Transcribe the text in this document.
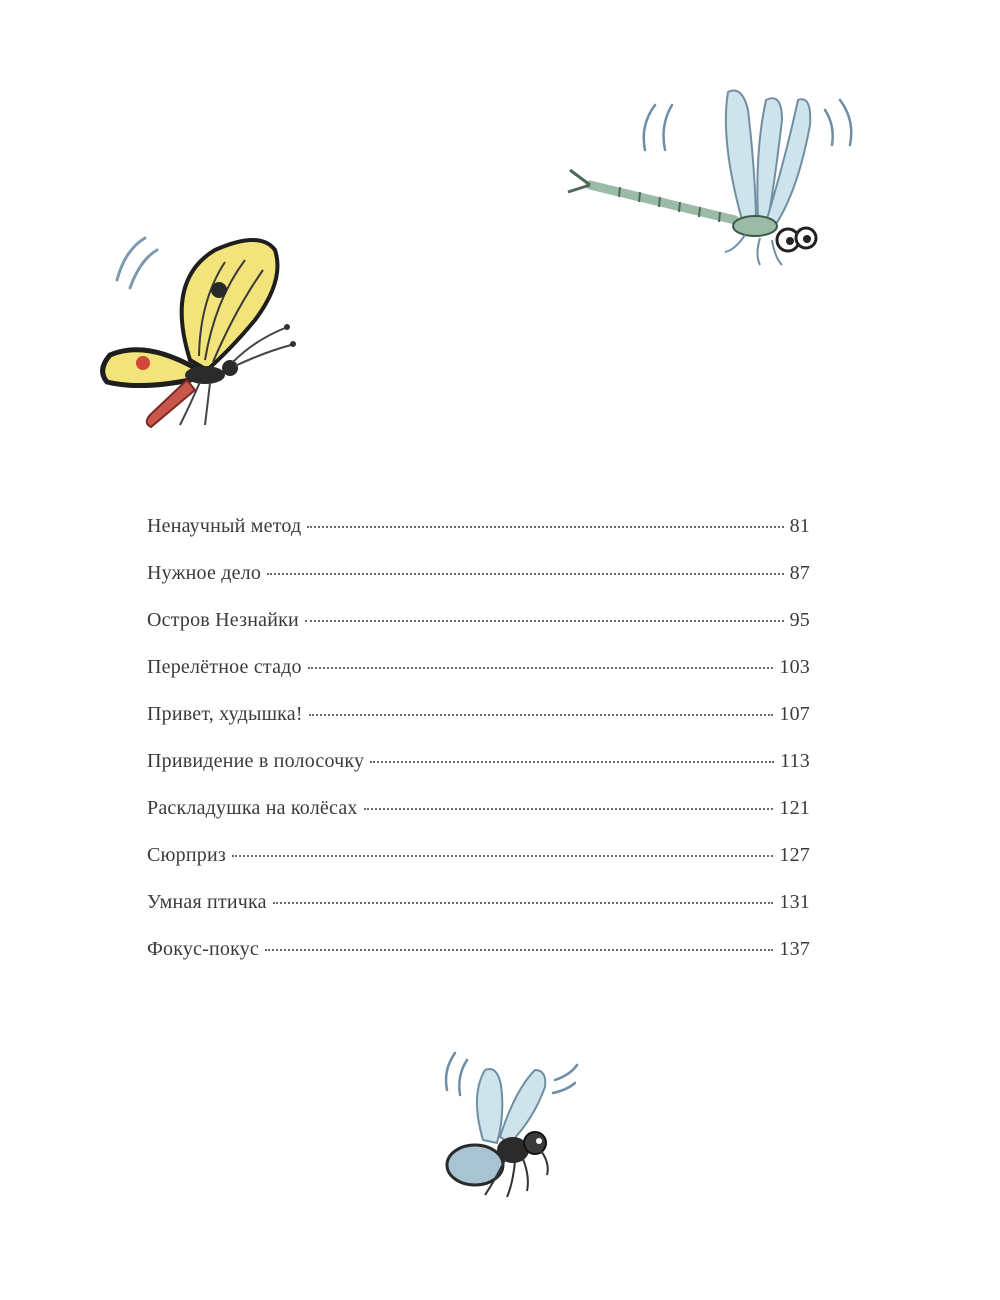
Ненаучный метод	81
Нужное дело	87
Остров Незнайки	95
Перелётное стадо	103
Привет, худышка!	107
Привидение в полосочку	113
Раскладушка на колёсах	121
Сюрприз	127
Умная птичка	131
Фокус-покус	137
